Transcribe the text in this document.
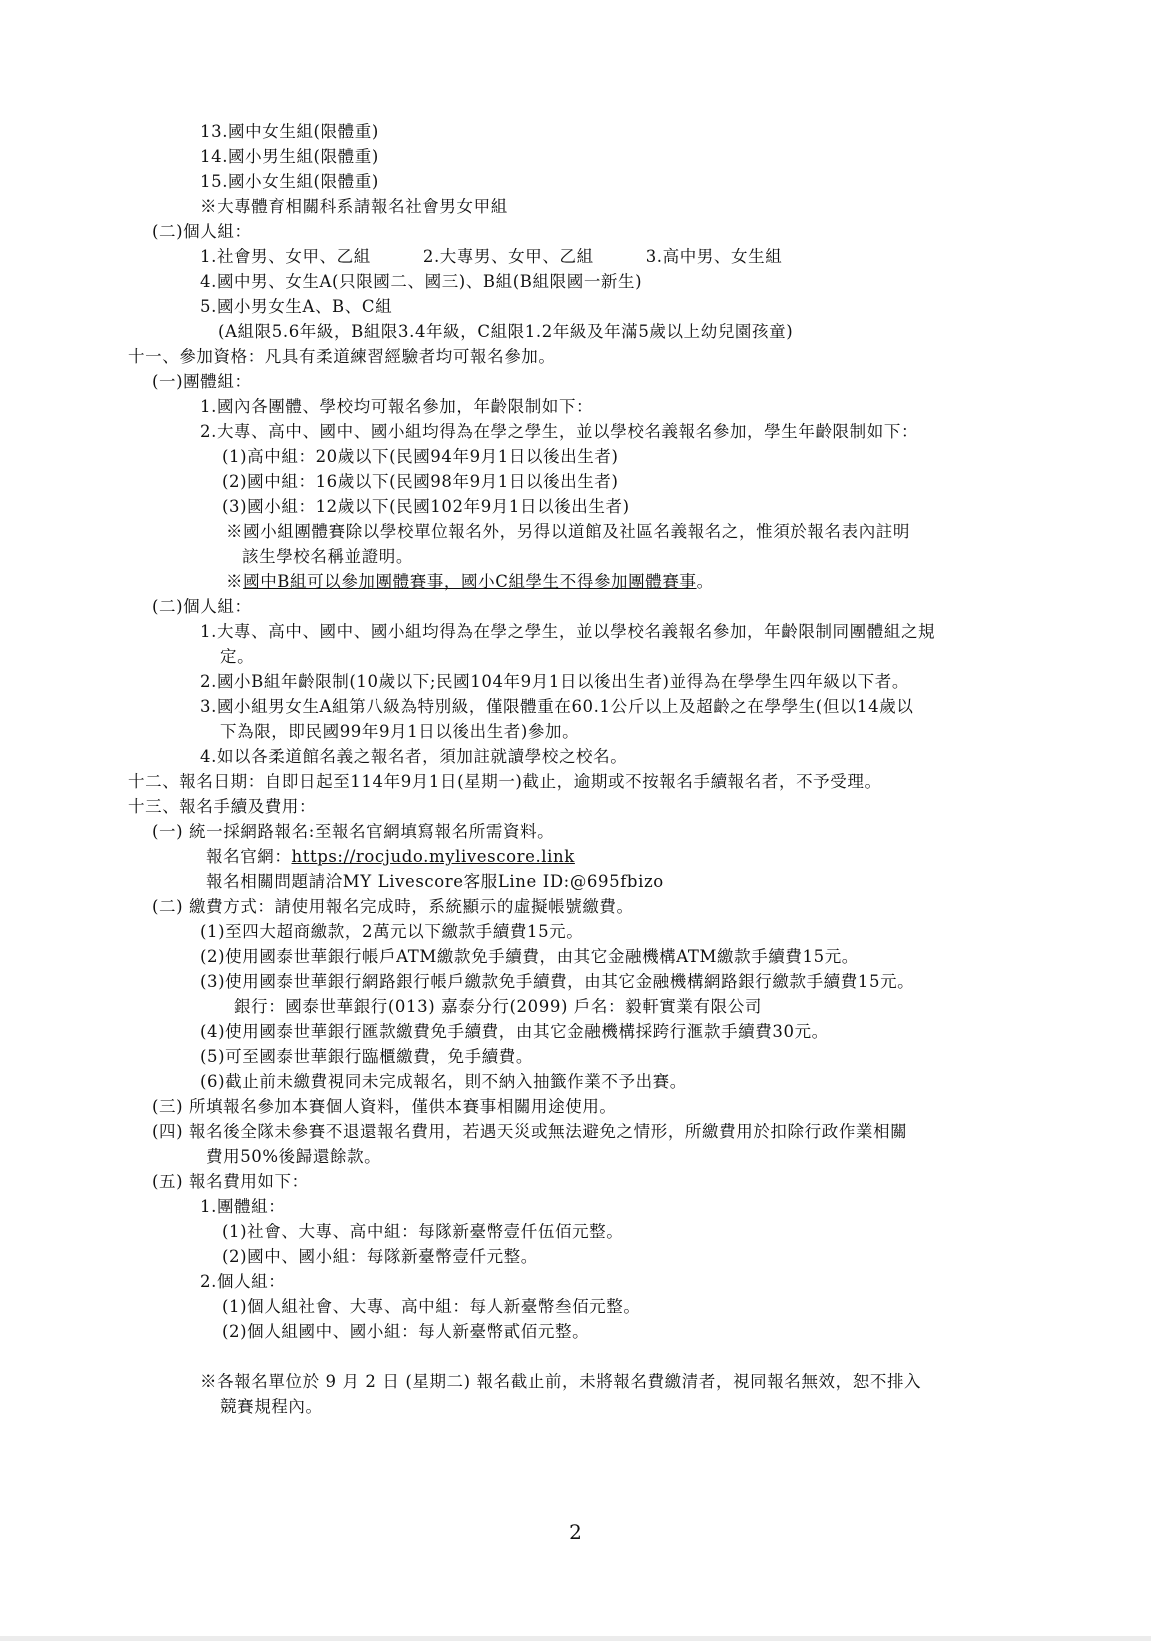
13.國中女生組(限體重)
14.國小男生組(限體重)
15.國小女生組(限體重)
※大專體育相關科系請報名社會男女甲組
(二)個人組：
1.社會男、女甲、乙組	2.大專男、女甲、乙組	3.高中男、女生組
4.國中男、女生A(只限國二、國三)、B組(B組限國一新生)
5.國小男女生A、B、C組
(A組限5.6年級，B組限3.4年級，C組限1.2年級及年滿5歲以上幼兒園孩童)
十一、參加資格：凡具有柔道練習經驗者均可報名參加。
(一)團體組：
1.國內各團體、學校均可報名參加，年齡限制如下：
2.大專、高中、國中、國小組均得為在學之學生，並以學校名義報名參加，學生年齡限制如下：
(1)高中組：20歲以下(民國94年9月1日以後出生者)
(2)國中組：16歲以下(民國98年9月1日以後出生者)
(3)國小組：12歲以下(民國102年9月1日以後出生者)
※國小組團體賽除以學校單位報名外，另得以道館及社區名義報名之，惟須於報名表內註明
該生學校名稱並證明。
※國中B組可以參加團體賽事，國小C組學生不得參加團體賽事。
(二)個人組：
1.大專、高中、國中、國小組均得為在學之學生，並以學校名義報名參加，年齡限制同團體組之規
定。
2.國小B組年齡限制(10歲以下;民國104年9月1日以後出生者)並得為在學學生四年級以下者。
3.國小組男女生A組第八級為特別級，僅限體重在60.1公斤以上及超齡之在學學生(但以14歲以
下為限，即民國99年9月1日以後出生者)參加。
4.如以各柔道館名義之報名者，須加註就讀學校之校名。
十二、報名日期：自即日起至114年9月1日(星期一)截止，逾期或不按報名手續報名者，不予受理。
十三、報名手續及費用：
(一) 統一採網路報名:至報名官網填寫報名所需資料。
報名官網：https://rocjudo.mylivescore.link
報名相關問題請洽MY Livescore客服Line ID:@695fbizo
(二) 繳費方式：請使用報名完成時，系統顯示的虛擬帳號繳費。
(1)至四大超商繳款，2萬元以下繳款手續費15元。
(2)使用國泰世華銀行帳戶ATM繳款免手續費，由其它金融機構ATM繳款手續費15元。
(3)使用國泰世華銀行網路銀行帳戶繳款免手續費，由其它金融機構網路銀行繳款手續費15元。
銀行：國泰世華銀行(013) 嘉泰分行(2099) 戶名：毅軒實業有限公司
(4)使用國泰世華銀行匯款繳費免手續費，由其它金融機構採跨行滙款手續費30元。
(5)可至國泰世華銀行臨櫃繳費，免手續費。
(6)截止前未繳費視同未完成報名，則不納入抽籤作業不予出賽。
(三) 所填報名參加本賽個人資料，僅供本賽事相關用途使用。
(四) 報名後全隊未參賽不退還報名費用，若遇天災或無法避免之情形，所繳費用於扣除行政作業相關
費用50%後歸還餘款。
(五) 報名費用如下：
1.團體組：
(1)社會、大專、高中組：每隊新臺幣壹仟伍佰元整。
(2)國中、國小組：每隊新臺幣壹仟元整。
2.個人組：
(1)個人組社會、大專、高中組：每人新臺幣叁佰元整。
(2)個人組國中、國小組：每人新臺幣貳佰元整。
※各報名單位於 9 月 2 日 (星期二) 報名截止前，未將報名費繳清者，視同報名無效，恕不排入
競賽規程內。
2
